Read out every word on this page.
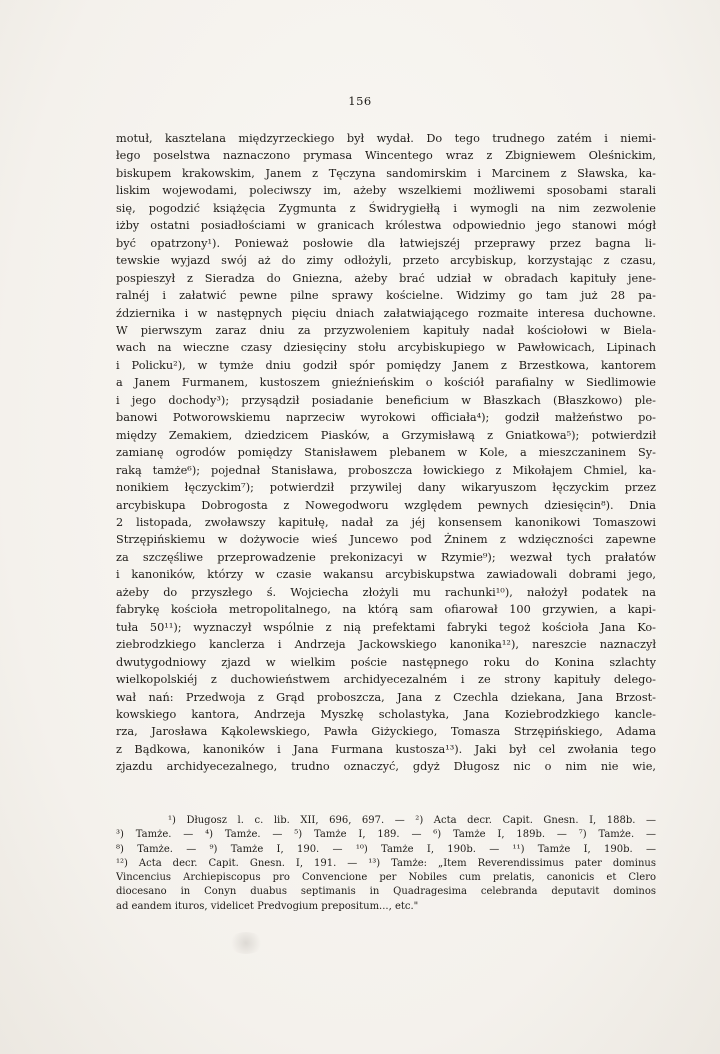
156
motuł, kasztelana międzyrzeckiego był wydał. Do tego trudnego zatém i niemi-
łego poselstwa naznaczono prymasa Wincentego wraz z Zbigniewem Oleśnickim,
biskupem krakowskim, Janem z Tęczyna sandomirskim i Marcinem z Sławska, ka-
liskim wojewodami, poleciwszy im, ażeby wszelkiemi możliwemi sposobami starali
się, pogodzić książęcia Zygmunta z Świdrygiełłą i wymogli na nim zezwolenie
iżby ostatni posiadłościami w granicach królestwa odpowiednio jego stanowi mógł
być opatrzony¹). Ponieważ posłowie dla łatwiejszéj przeprawy przez bagna li-
tewskie wyjazd swój aż do zimy odłożyli, przeto arcybiskup, korzystając z czasu,
pospieszył z Sieradza do Gniezna, ażeby brać udział w obradach kapituły jene-
ralnéj i załatwić pewne pilne sprawy kościelne. Widzimy go tam już 28 pa-
ździernika i w następnych pięciu dniach załatwiającego rozmaite interesa duchowne.
W pierwszym zaraz dniu za przyzwoleniem kapituły nadał kościołowi w Biela-
wach na wieczne czasy dziesięciny stołu arcybiskupiego w Pawłowicach, Lipinach
i Policku²), w tymże dniu godził spór pomiędzy Janem z Brzestkowa, kantorem
a Janem Furmanem, kustoszem gnieźnieńskim o kościół parafialny w Siedlimowie
i jego dochody³); przysądził posiadanie beneficium w Błaszkach (Błaszkowo) ple-
banowi Potworowskiemu naprzeciw wyrokowi officiała⁴); godził małżeństwo po-
między Zemakiem, dziedzicem Piasków, a Grzymisławą z Gniatkowa⁵); potwierdził
zamianę ogrodów pomiędzy Stanisławem plebanem w Kole, a mieszczaninem Sy-
raką tamże⁶); pojednał Stanisława, proboszcza łowickiego z Mikołajem Chmiel, ka-
nonikiem łęczyckim⁷); potwierdził przywilej dany wikaryuszom łęczyckim przez
arcybiskupa Dobrogosta z Nowegodworu względem pewnych dziesięcin⁸). Dnia
2 listopada, zwoławszy kapitułę, nadał za jéj konsensem kanonikowi Tomaszowi
Strzępińskiemu w dożywocie wieś Juncewo pod Żninem z wdzięczności zapewne
za szczęśliwe przeprowadzenie prekonizacyi w Rzymie⁹); wezwał tych prałatów
i kanoników, którzy w czasie wakansu arcybiskupstwa zawiadowali dobrami jego,
ażeby do przyszłego ś. Wojciecha złożyli mu rachunki¹⁰), nałożył podatek na
fabrykę kościoła metropolitalnego, na którą sam ofiarował 100 grzywien, a kapi-
tuła 50¹¹); wyznaczył wspólnie z nią prefektami fabryki tegoż kościoła Jana Ko-
ziebrodzkiego kanclerza i Andrzeja Jackowskiego kanonika¹²), nareszcie naznaczył
dwutygodniowy zjazd w wielkim poście następnego roku do Konina szlachty
wielkopolskiéj z duchowieństwem archidyecezalném i ze strony kapituły delego-
wał nań: Przedwoja z Grąd proboszcza, Jana z Czechla dziekana, Jana Brzost-
kowskiego kantora, Andrzeja Myszkę scholastyka, Jana Koziebrodzkiego kancle-
rza, Jarosława Kąkolewskiego, Pawła Giżyckiego, Tomasza Strzępińskiego, Adama
z Bądkowa, kanoników i Jana Furmana kustosza¹³). Jaki był cel zwołania tego
zjazdu archidyecezalnego, trudno oznaczyć, gdyż Długosz nic o nim nie wie,
¹) Długosz l. c. lib. XII, 696, 697. — ²) Acta decr. Capit. Gnesn. I, 188b. —
³) Tamże. — ⁴) Tamże. — ⁵) Tamże I, 189. — ⁶) Tamże I, 189b. — ⁷) Tamże. —
⁸) Tamże. — ⁹) Tamże I, 190. — ¹⁰) Tamże I, 190b. — ¹¹) Tamże I, 190b. —
¹²) Acta decr. Capit. Gnesn. I, 191. — ¹³) Tamże: „Item Reverendissimus pater dominus
Vincencius Archiepiscopus pro Convencione per Nobiles cum prelatis, canonicis et Clero
diocesano in Conyn duabus septimanis in Quadragesima celebranda deputavit dominos
ad eandem ituros, videlicet Predvogium prepositum..., etc."
